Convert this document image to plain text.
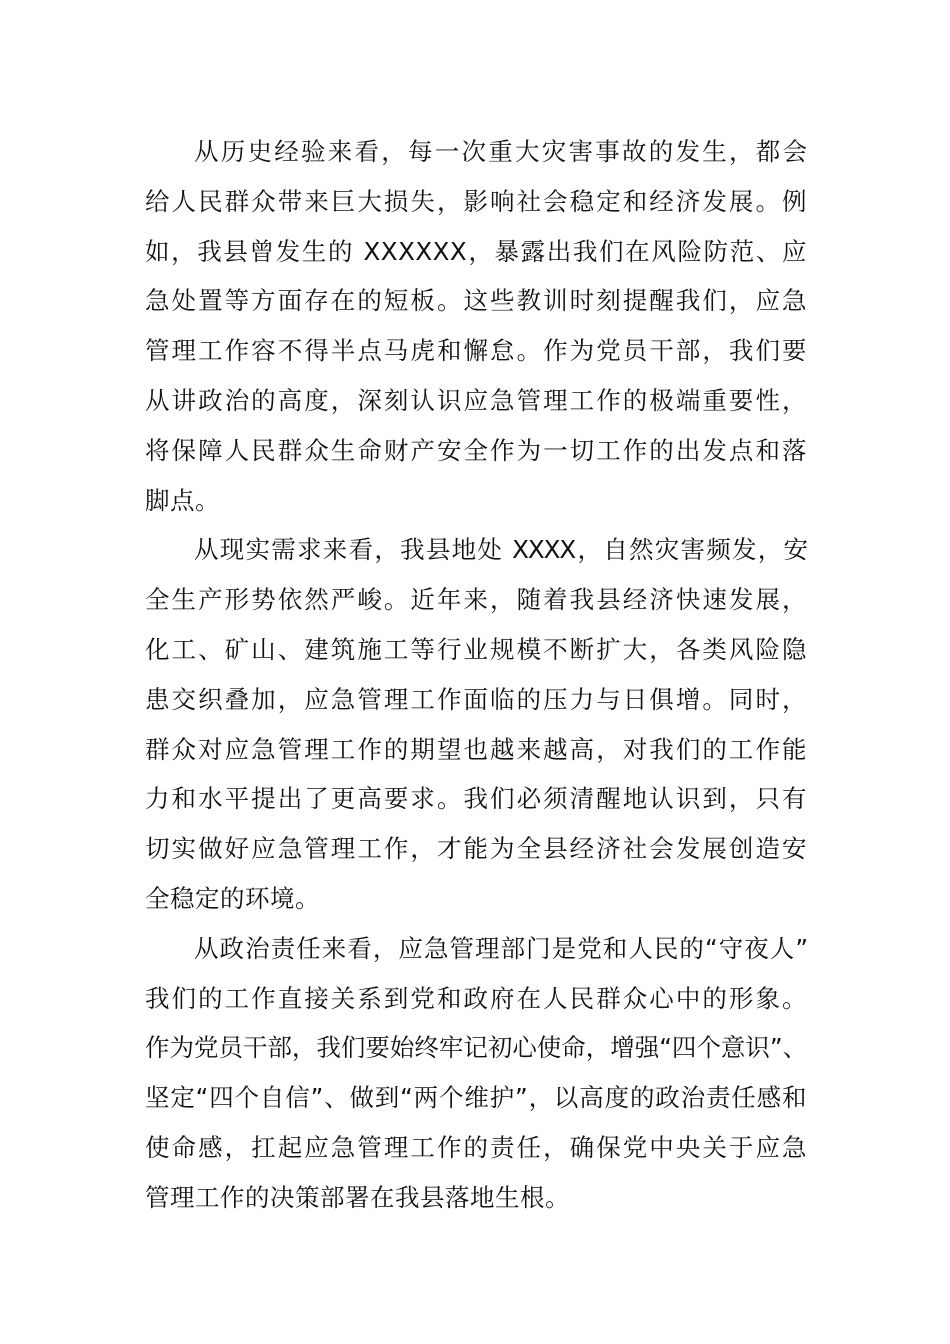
从历史经验来看，每一次重大灾害事故的发生，都会
给人民群众带来巨大损失，影响社会稳定和经济发展。例
如，我县曾发生的 XXXXXX，暴露出我们在风险防范、应
急处置等方面存在的短板。这些教训时刻提醒我们，应急
管理工作容不得半点马虎和懈怠。作为党员干部，我们要
从讲政治的高度，深刻认识应急管理工作的极端重要性，
将保障人民群众生命财产安全作为一切工作的出发点和落
脚点。
从现实需求来看，我县地处 XXXX，自然灾害频发，安
全生产形势依然严峻。近年来，随着我县经济快速发展，
化工、矿山、建筑施工等行业规模不断扩大，各类风险隐
患交织叠加，应急管理工作面临的压力与日俱增。同时，
群众对应急管理工作的期望也越来越高，对我们的工作能
力和水平提出了更高要求。我们必须清醒地认识到，只有
切实做好应急管理工作，才能为全县经济社会发展创造安
全稳定的环境。
从政治责任来看，应急管理部门是党和人民的“守夜人”
我们的工作直接关系到党和政府在人民群众心中的形象。
作为党员干部，我们要始终牢记初心使命，增强“四个意识”、
坚定“四个自信”、做到“两个维护”，以高度的政治责任感和
使命感，扛起应急管理工作的责任，确保党中央关于应急
管理工作的决策部署在我县落地生根。
